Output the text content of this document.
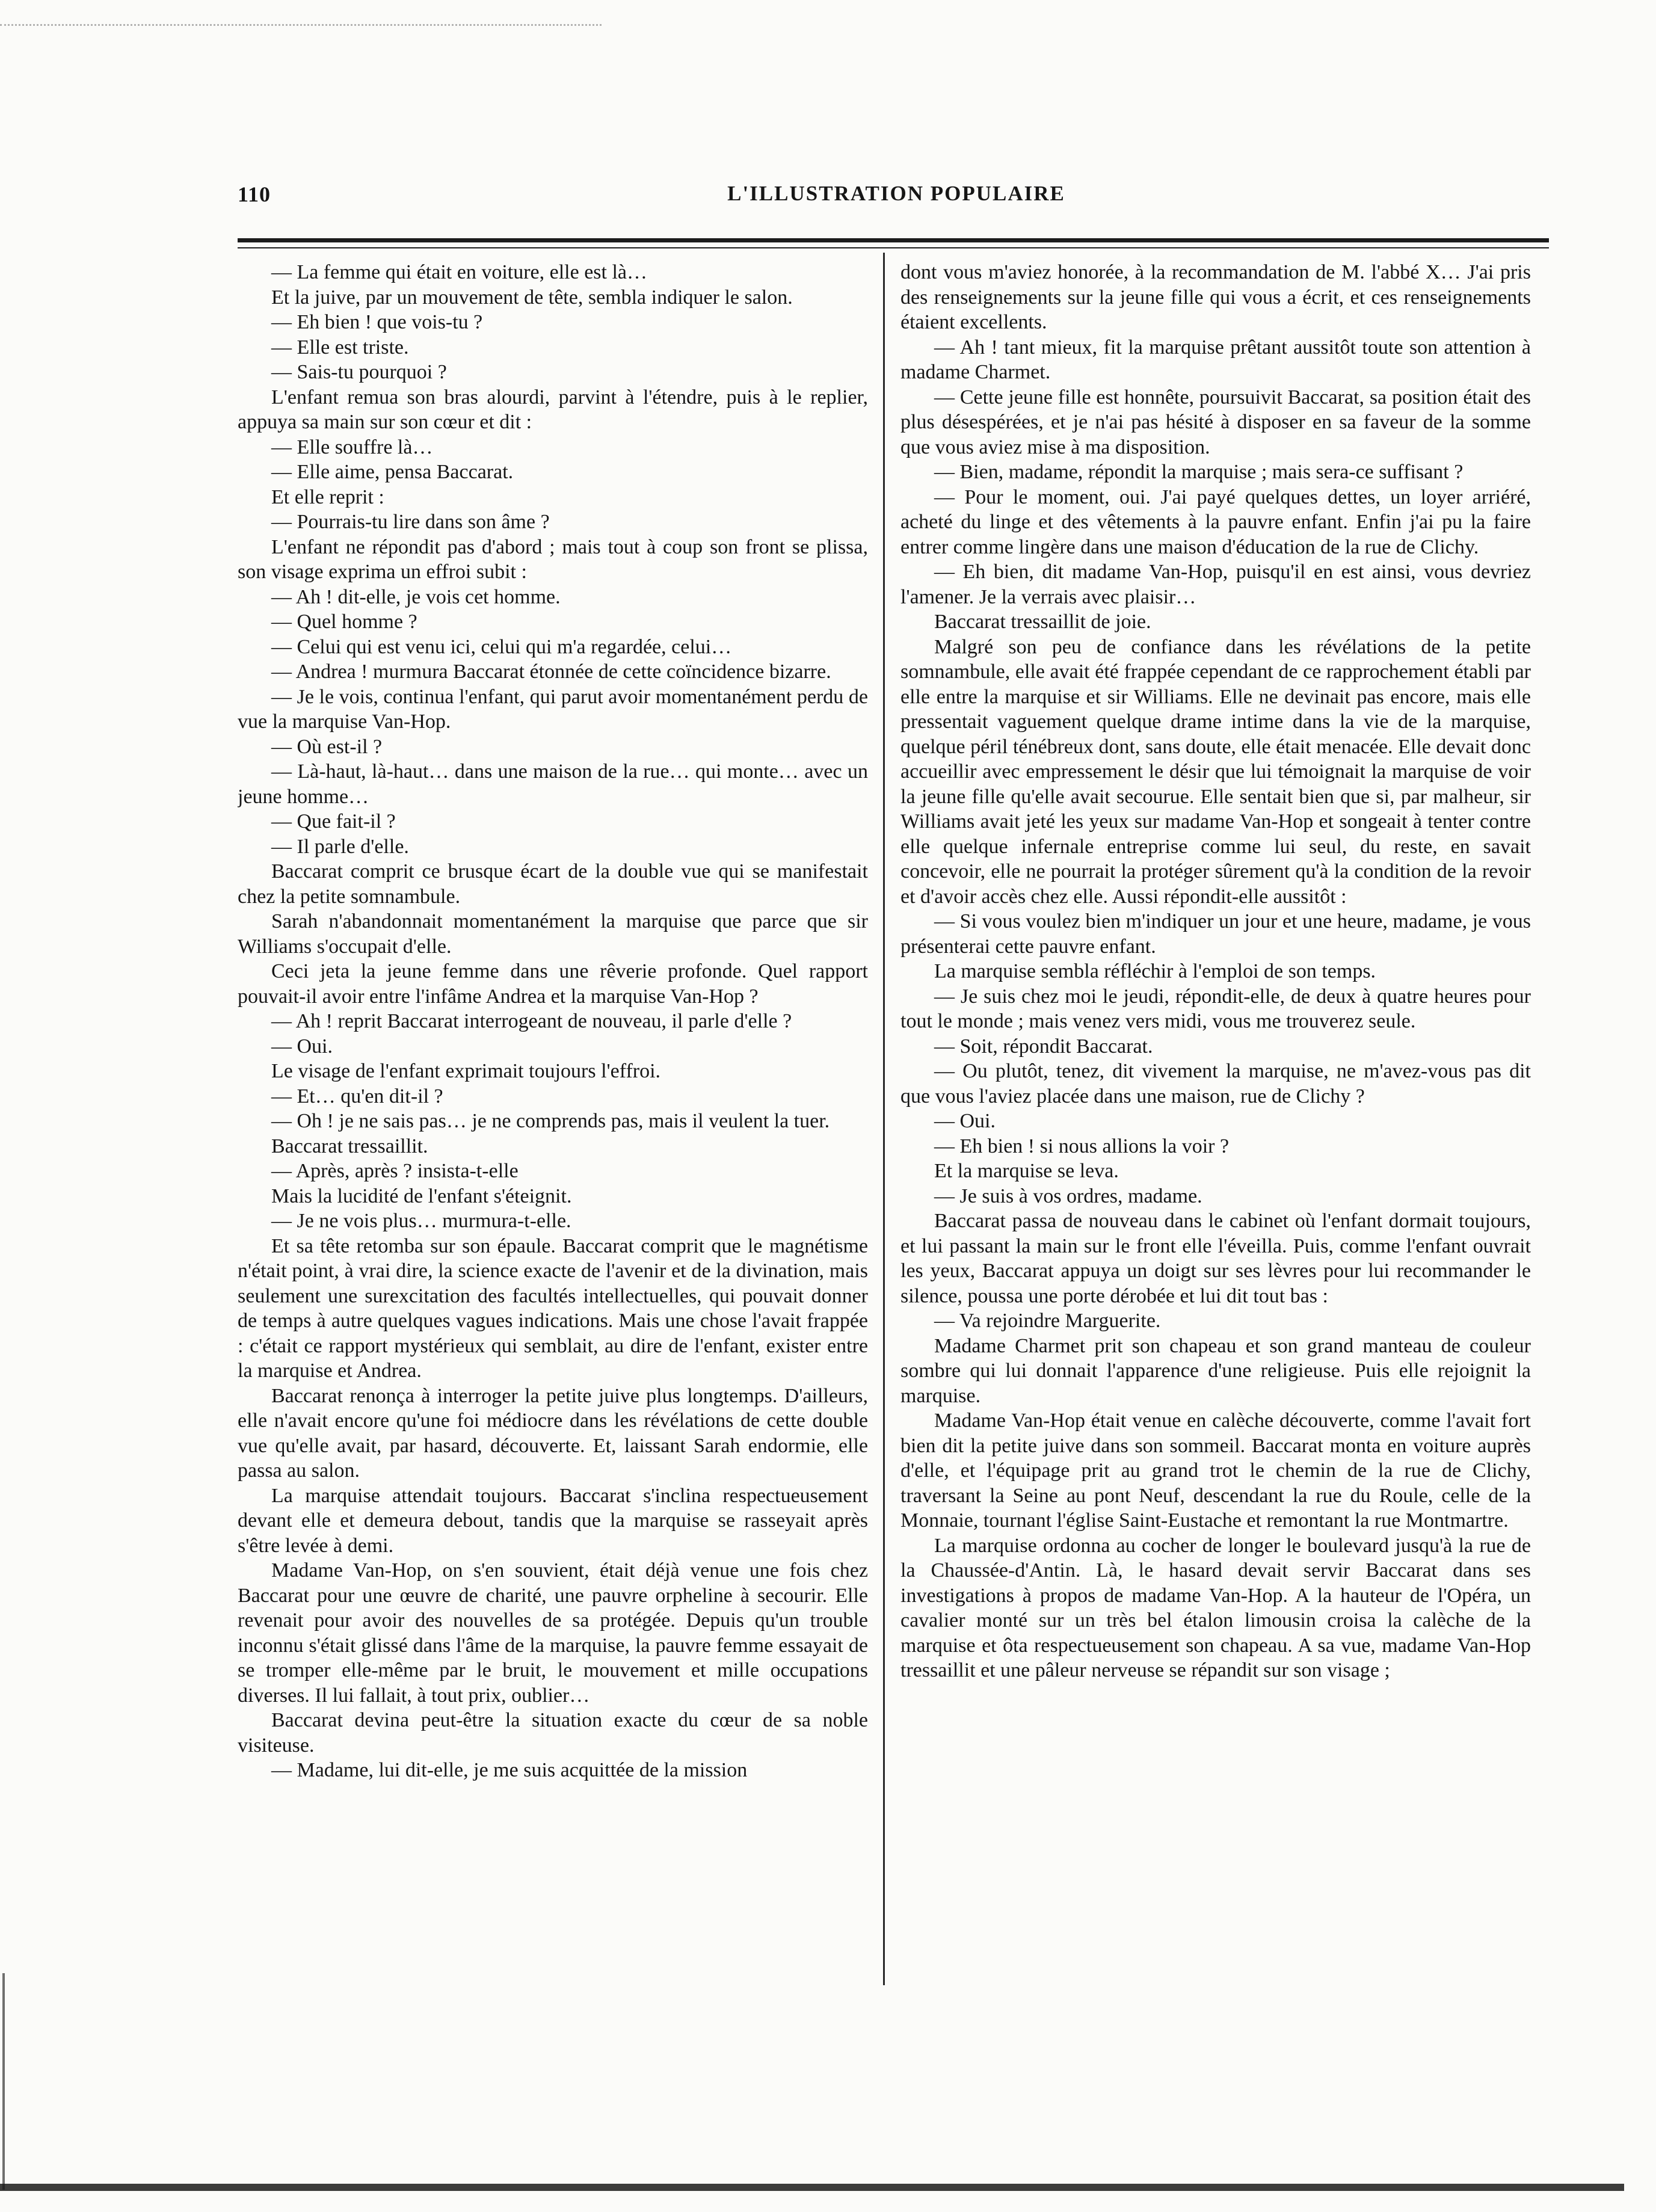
110	L'ILLUSTRATION POPULAIRE

— La femme qui était en voiture, elle est là…

Et la juive, par un mouvement de tête, sembla indiquer le salon.

— Eh bien ! que vois-tu ?

— Elle est triste.

— Sais-tu pourquoi ?

L'enfant remua son bras alourdi, parvint à l'étendre, puis à le replier, appuya sa main sur son cœur et dit :

— Elle souffre là…

— Elle aime, pensa Baccarat.

Et elle reprit :

— Pourrais-tu lire dans son âme ?

L'enfant ne répondit pas d'abord ; mais tout à coup son front se plissa, son visage exprima un effroi subit :

— Ah ! dit-elle, je vois cet homme.

— Quel homme ?

— Celui qui est venu ici, celui qui m'a regardée, celui…

— Andrea ! murmura Baccarat étonnée de cette coïncidence bizarre.

— Je le vois, continua l'enfant, qui parut avoir momentanément perdu de vue la marquise Van-Hop.

— Où est-il ?

— Là-haut, là-haut… dans une maison de la rue… qui monte… avec un jeune homme…

— Que fait-il ?

— Il parle d'elle.

Baccarat comprit ce brusque écart de la double vue qui se manifestait chez la petite somnambule.

Sarah n'abandonnait momentanément la marquise que parce que sir Williams s'occupait d'elle.

Ceci jeta la jeune femme dans une rêverie profonde. Quel rapport pouvait-il avoir entre l'infâme Andrea et la marquise Van-Hop ?

— Ah ! reprit Baccarat interrogeant de nouveau, il parle d'elle ?

— Oui.

Le visage de l'enfant exprimait toujours l'effroi.

— Et… qu'en dit-il ?

— Oh ! je ne sais pas… je ne comprends pas, mais il veulent la tuer.

Baccarat tressaillit.

— Après, après ? insista-t-elle

Mais la lucidité de l'enfant s'éteignit.

— Je ne vois plus… murmura-t-elle.

Et sa tête retomba sur son épaule. Baccarat comprit que le magnétisme n'était point, à vrai dire, la science exacte de l'avenir et de la divination, mais seulement une surexcitation des facultés intellectuelles, qui pouvait donner de temps à autre quelques vagues indications. Mais une chose l'avait frappée : c'était ce rapport mystérieux qui semblait, au dire de l'enfant, exister entre la marquise et Andrea.

Baccarat renonça à interroger la petite juive plus longtemps. D'ailleurs, elle n'avait encore qu'une foi médiocre dans les révélations de cette double vue qu'elle avait, par hasard, découverte. Et, laissant Sarah endormie, elle passa au salon.

La marquise attendait toujours. Baccarat s'inclina respectueusement devant elle et demeura debout, tandis que la marquise se rasseyait après s'être levée à demi.

Madame Van-Hop, on s'en souvient, était déjà venue une fois chez Baccarat pour une œuvre de charité, une pauvre orpheline à secourir. Elle revenait pour avoir des nouvelles de sa protégée. Depuis qu'un trouble inconnu s'était glissé dans l'âme de la marquise, la pauvre femme essayait de se tromper elle-même par le bruit, le mouvement et mille occupations diverses. Il lui fallait, à tout prix, oublier…

Baccarat devina peut-être la situation exacte du cœur de sa noble visiteuse.

— Madame, lui dit-elle, je me suis acquittée de la mission

dont vous m'aviez honorée, à la recommandation de M. l'abbé X… J'ai pris des renseignements sur la jeune fille qui vous a écrit, et ces renseignements étaient excellents.

— Ah ! tant mieux, fit la marquise prêtant aussitôt toute son attention à madame Charmet.

— Cette jeune fille est honnête, poursuivit Baccarat, sa position était des plus désespérées, et je n'ai pas hésité à disposer en sa faveur de la somme que vous aviez mise à ma disposition.

— Bien, madame, répondit la marquise ; mais sera-ce suffisant ?

— Pour le moment, oui. J'ai payé quelques dettes, un loyer arriéré, acheté du linge et des vêtements à la pauvre enfant. Enfin j'ai pu la faire entrer comme lingère dans une maison d'éducation de la rue de Clichy.

— Eh bien, dit madame Van-Hop, puisqu'il en est ainsi, vous devriez l'amener. Je la verrais avec plaisir…

Baccarat tressaillit de joie.

Malgré son peu de confiance dans les révélations de la petite somnambule, elle avait été frappée cependant de ce rapprochement établi par elle entre la marquise et sir Williams. Elle ne devinait pas encore, mais elle pressentait vaguement quelque drame intime dans la vie de la marquise, quelque péril ténébreux dont, sans doute, elle était menacée. Elle devait donc accueillir avec empressement le désir que lui témoignait la marquise de voir la jeune fille qu'elle avait secourue. Elle sentait bien que si, par malheur, sir Williams avait jeté les yeux sur madame Van-Hop et songeait à tenter contre elle quelque infernale entreprise comme lui seul, du reste, en savait concevoir, elle ne pourrait la protéger sûrement qu'à la condition de la revoir et d'avoir accès chez elle. Aussi répondit-elle aussitôt :

— Si vous voulez bien m'indiquer un jour et une heure, madame, je vous présenterai cette pauvre enfant.

La marquise sembla réfléchir à l'emploi de son temps.

— Je suis chez moi le jeudi, répondit-elle, de deux à quatre heures pour tout le monde ; mais venez vers midi, vous me trouverez seule.

— Soit, répondit Baccarat.

— Ou plutôt, tenez, dit vivement la marquise, ne m'avez-vous pas dit que vous l'aviez placée dans une maison, rue de Clichy ?

— Oui.

— Eh bien ! si nous allions la voir ?

Et la marquise se leva.

— Je suis à vos ordres, madame.

Baccarat passa de nouveau dans le cabinet où l'enfant dormait toujours, et lui passant la main sur le front elle l'éveilla. Puis, comme l'enfant ouvrait les yeux, Baccarat appuya un doigt sur ses lèvres pour lui recommander le silence, poussa une porte dérobée et lui dit tout bas :

— Va rejoindre Marguerite.

Madame Charmet prit son chapeau et son grand manteau de couleur sombre qui lui donnait l'apparence d'une religieuse. Puis elle rejoignit la marquise.

Madame Van-Hop était venue en calèche découverte, comme l'avait fort bien dit la petite juive dans son sommeil. Baccarat monta en voiture auprès d'elle, et l'équipage prit au grand trot le chemin de la rue de Clichy, traversant la Seine au pont Neuf, descendant la rue du Roule, celle de la Monnaie, tournant l'église Saint-Eustache et remontant la rue Montmartre.

La marquise ordonna au cocher de longer le boulevard jusqu'à la rue de la Chaussée-d'Antin. Là, le hasard devait servir Baccarat dans ses investigations à propos de madame Van-Hop. A la hauteur de l'Opéra, un cavalier monté sur un très bel étalon limousin croisa la calèche de la marquise et ôta respectueusement son chapeau. A sa vue, madame Van-Hop tressaillit et une pâleur nerveuse se répandit sur son visage ;
